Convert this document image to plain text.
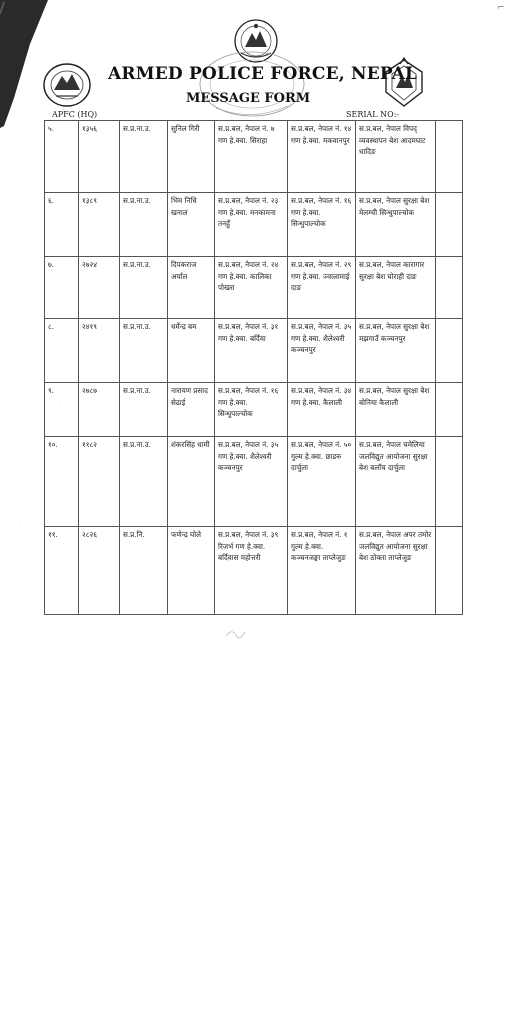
⌐
ARMED POLICE FORCE, NEPAL
MESSAGE FORM
APFC (HQ)	SERIAL NO:-
५.	१३५६	स.प्र.ना.उ.	सुनिल गिरी	स.प्र.बल, नेपाल नं. ७ गण हे.क्वा. सिराहा	स.प्र.बल, नेपाल नं. १४ गण हे.क्वा. मकवानपुर	स.प्र.बल, नेपाल विपद् व्यवस्थापन बेश आदमघाट धादिङ	
६.	१३८९	स.प्र.ना.उ.	भिम निधि खनाल	स.प्र.बल, नेपाल नं. २३ गण हे.क्वा. मनकामना तनहुँ	स.प्र.बल, नेपाल नं. १६ गण हे.क्वा. सिन्धुपाल्चोक	स.प्र.बल, नेपाल सुरक्षा बेश मेलम्ची सिन्धुपाल्चोक	
७.	२७२४	स.प्र.ना.उ.	दिपकराज अर्याल	स.प्र.बल, नेपाल नं. २४ गण हे.क्वा. कालिका पोखरा	स.प्र.बल, नेपाल नं. २९ गण हे.क्वा. ज्वालामाई दाङ	स.प्र.बल, नेपाल कारागार सुरक्षा बेश घोराही दाङ	
८.	२४१९	स.प्र.ना.उ.	धर्मेन्द्र बम	स.प्र.बल, नेपाल नं. ३१ गण हे.क्वा. बर्दिया	स.प्र.बल, नेपाल नं. ३५ गण हे.क्वा. शैलेश्वरी कञ्चनपुर	स.प्र.बल, नेपाल सुरक्षा बेश मझगाउँ कञ्चनपुर	
९.	२७८७	स.प्र.ना.उ.	नारायण प्रसाद सेढाई	स.प्र.बल, नेपाल नं. १६ गण हे.क्वा. सिन्धुपाल्चोक	स.प्र.बल, नेपाल नं. ३४ गण हे.क्वा. कैलाली	स.प्र.बल, नेपाल सुरक्षा बेश बोनिया कैलाली	
१०.	११८२	स.प्र.ना.उ.	शंकरसिंह धामी	स.प्र.बल, नेपाल नं. ३५ गण हे.क्वा. शैलेश्वरी कञ्चनपुर	स.प्र.बल, नेपाल नं. ५० गुल्म हे.क्वा. छाङरु दार्चुला	स.प्र.बल, नेपाल चमेलिया जलविद्युत आयोजना सुरक्षा बेश बलाँच दार्चुला	
११.	२८२६	स.प्र.नि.	फणेन्द्र घोले	स.प्र.बल, नेपाल नं. ३९ रिजर्भ गण हे.क्वा. बर्दिवास महोत्तरी	स.प्र.बल, नेपाल नं. १ गुल्म हे.क्वा. कञ्चनजङ्घा ताप्लेजुङ	स.प्र.बल, नेपाल अपर तमोर जलविद्युत आयोजना सुरक्षा बेश ठोक्ता ताप्लेजुङ	
·
·
